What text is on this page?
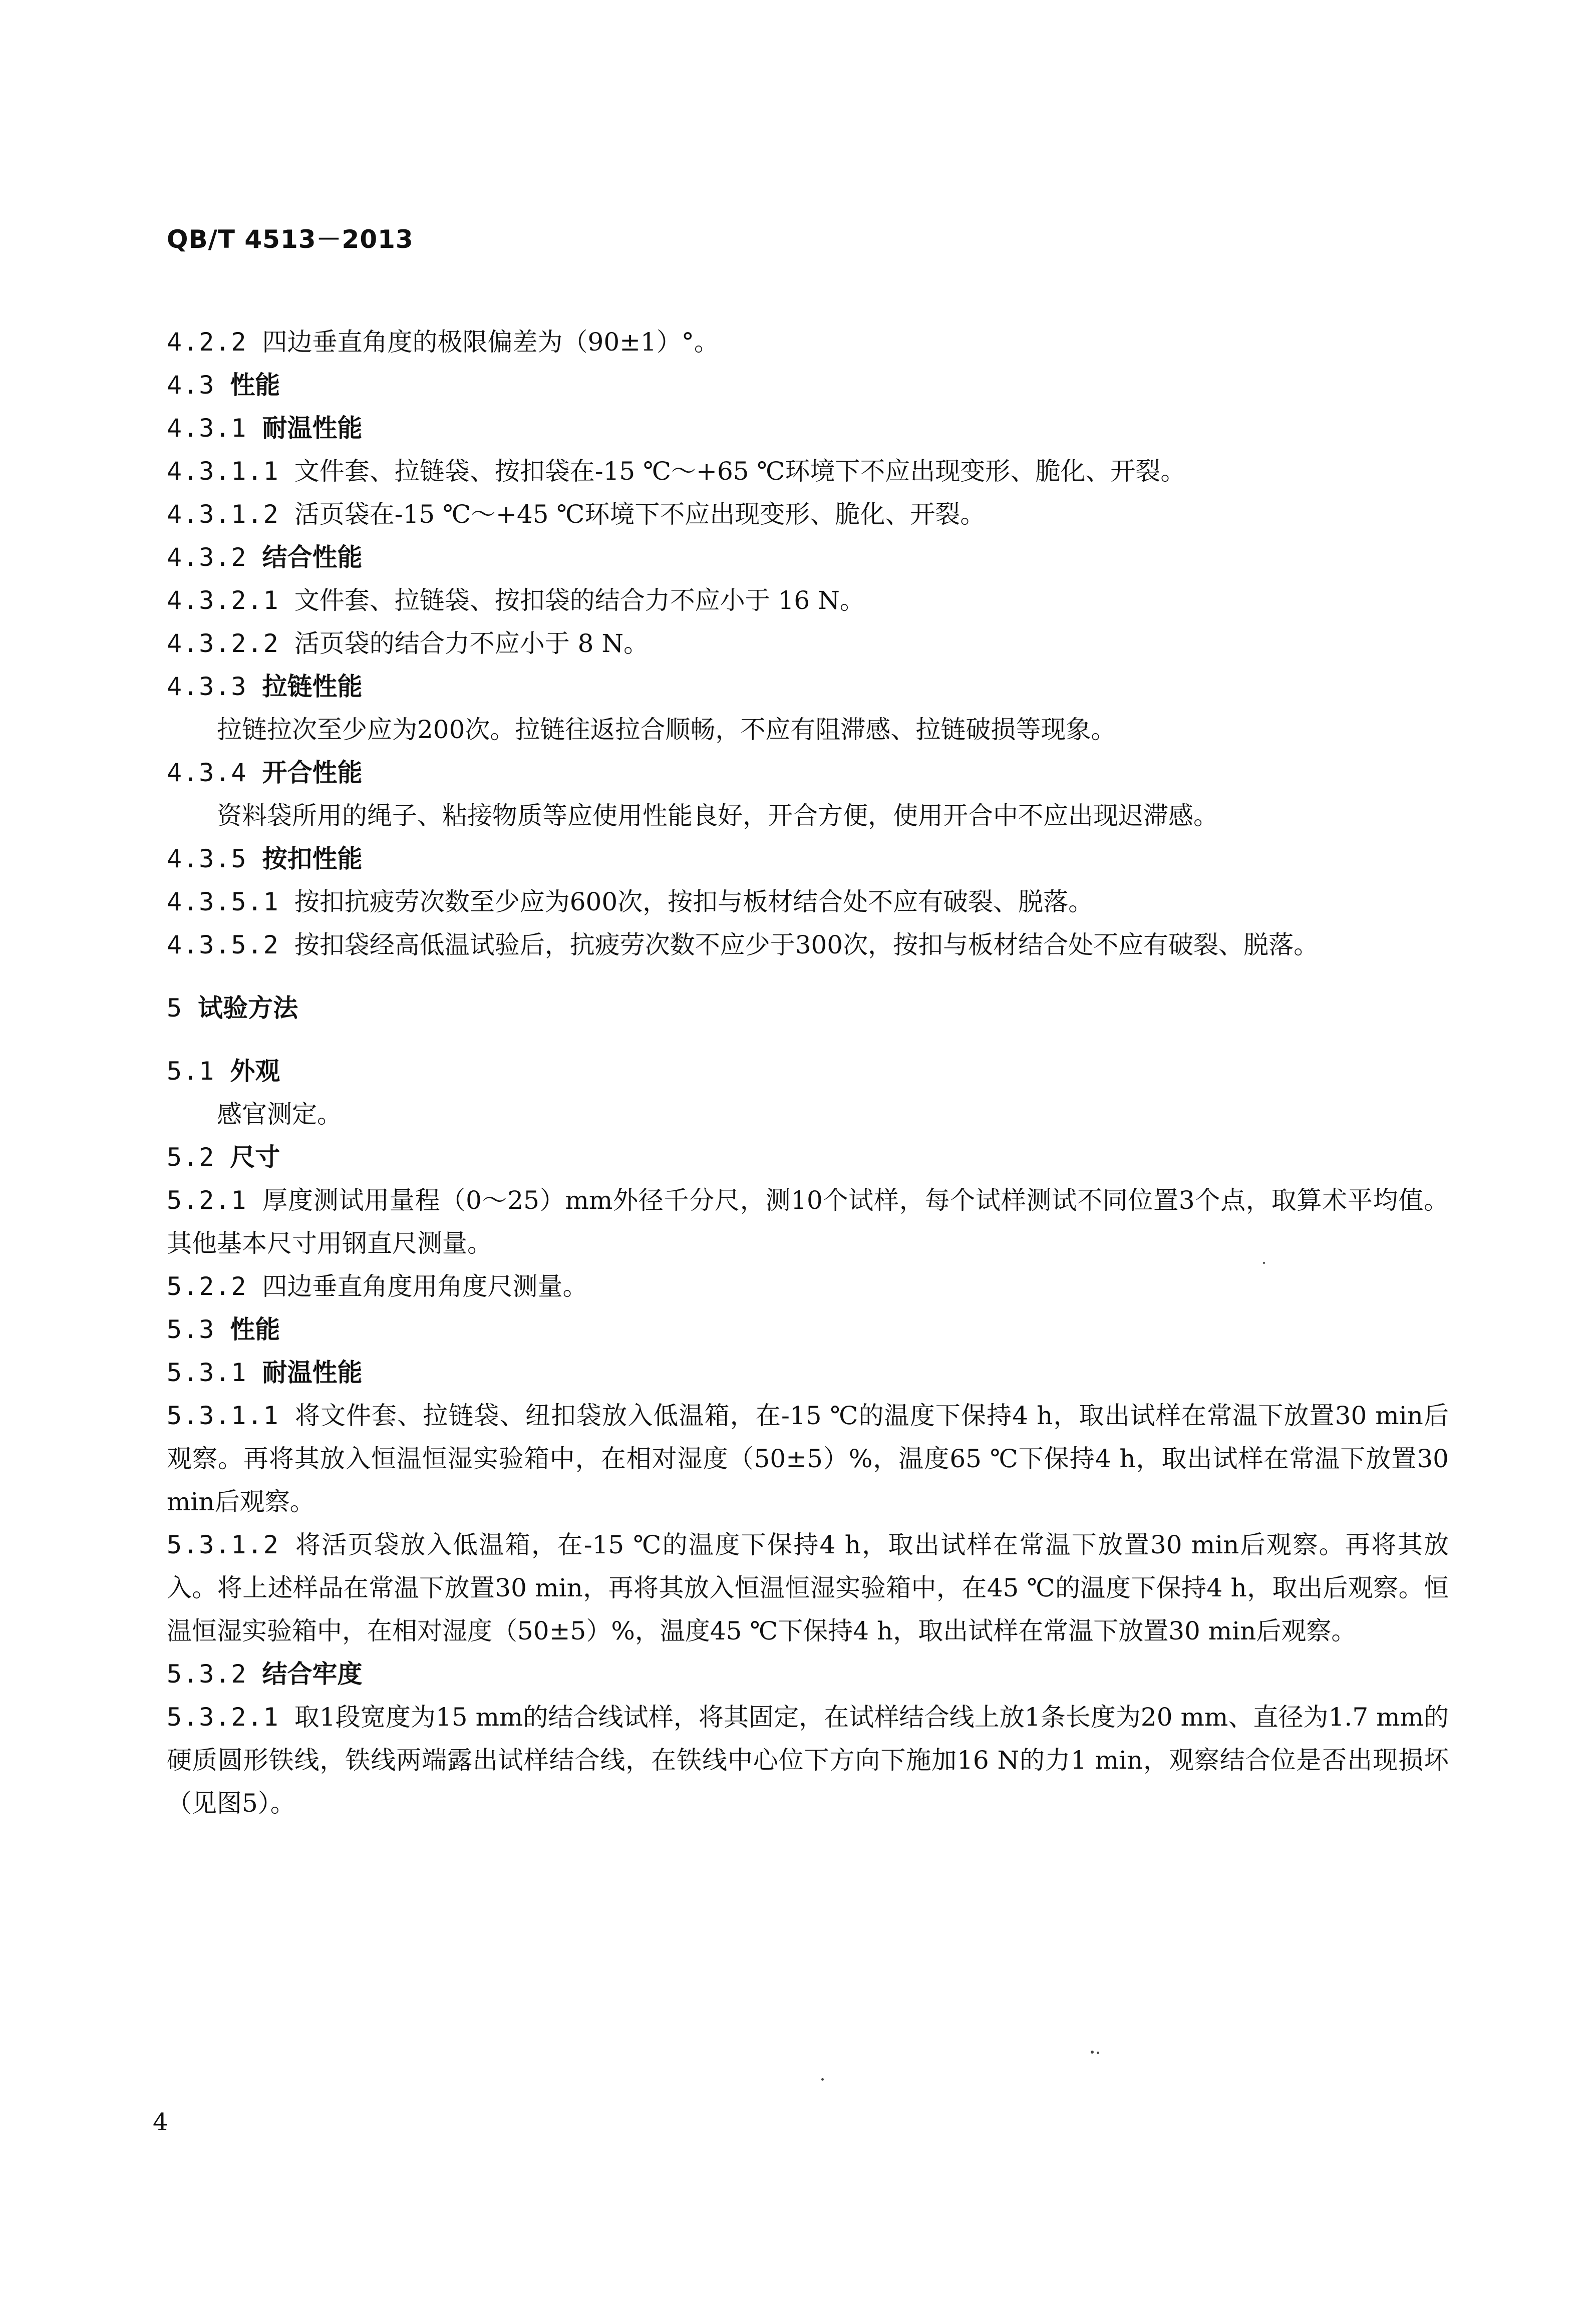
QB/T 4513－2013
4.2.2 四边垂直角度的极限偏差为（90±1）°。
4.3 性能
4.3.1 耐温性能
4.3.1.1 文件套、拉链袋、按扣袋在-15 ℃～+65 ℃环境下不应出现变形、脆化、开裂。
4.3.1.2 活页袋在-15 ℃～+45 ℃环境下不应出现变形、脆化、开裂。
4.3.2 结合性能
4.3.2.1 文件套、拉链袋、按扣袋的结合力不应小于 16 N。
4.3.2.2 活页袋的结合力不应小于 8 N。
4.3.3 拉链性能
拉链拉次至少应为200次。拉链往返拉合顺畅，不应有阻滞感、拉链破损等现象。
4.3.4 开合性能
资料袋所用的绳子、粘接物质等应使用性能良好，开合方便，使用开合中不应出现迟滞感。
4.3.5 按扣性能
4.3.5.1 按扣抗疲劳次数至少应为600次，按扣与板材结合处不应有破裂、脱落。
4.3.5.2 按扣袋经高低温试验后，抗疲劳次数不应少于300次，按扣与板材结合处不应有破裂、脱落。
5 试验方法
5.1 外观
感官测定。
5.2 尺寸
5.2.1 厚度测试用量程（0～25）mm外径千分尺，测10个试样，每个试样测试不同位置3个点，取算术平均值。其他基本尺寸用钢直尺测量。
5.2.2 四边垂直角度用角度尺测量。
5.3 性能
5.3.1 耐温性能
5.3.1.1 将文件套、拉链袋、纽扣袋放入低温箱，在-15 ℃的温度下保持4 h，取出试样在常温下放置30 min后观察。再将其放入恒温恒湿实验箱中，在相对湿度（50±5）%，温度65 ℃下保持4 h，取出试样在常温下放置30 min后观察。
5.3.1.2 将活页袋放入低温箱，在-15 ℃的温度下保持4 h，取出试样在常温下放置30 min后观察。再将其放入。将上述样品在常温下放置30 min，再将其放入恒温恒湿实验箱中，在45 ℃的温度下保持4 h，取出后观察。恒温恒湿实验箱中，在相对湿度（50±5）%，温度45 ℃下保持4 h，取出试样在常温下放置30 min后观察。
5.3.2 结合牢度
5.3.2.1 取1段宽度为15 mm的结合线试样，将其固定，在试样结合线上放1条长度为20 mm、直径为1.7 mm的硬质圆形铁线，铁线两端露出试样结合线，在铁线中心位下方向下施加16 N的力1 min，观察结合位是否出现损坏（见图5）。
4
